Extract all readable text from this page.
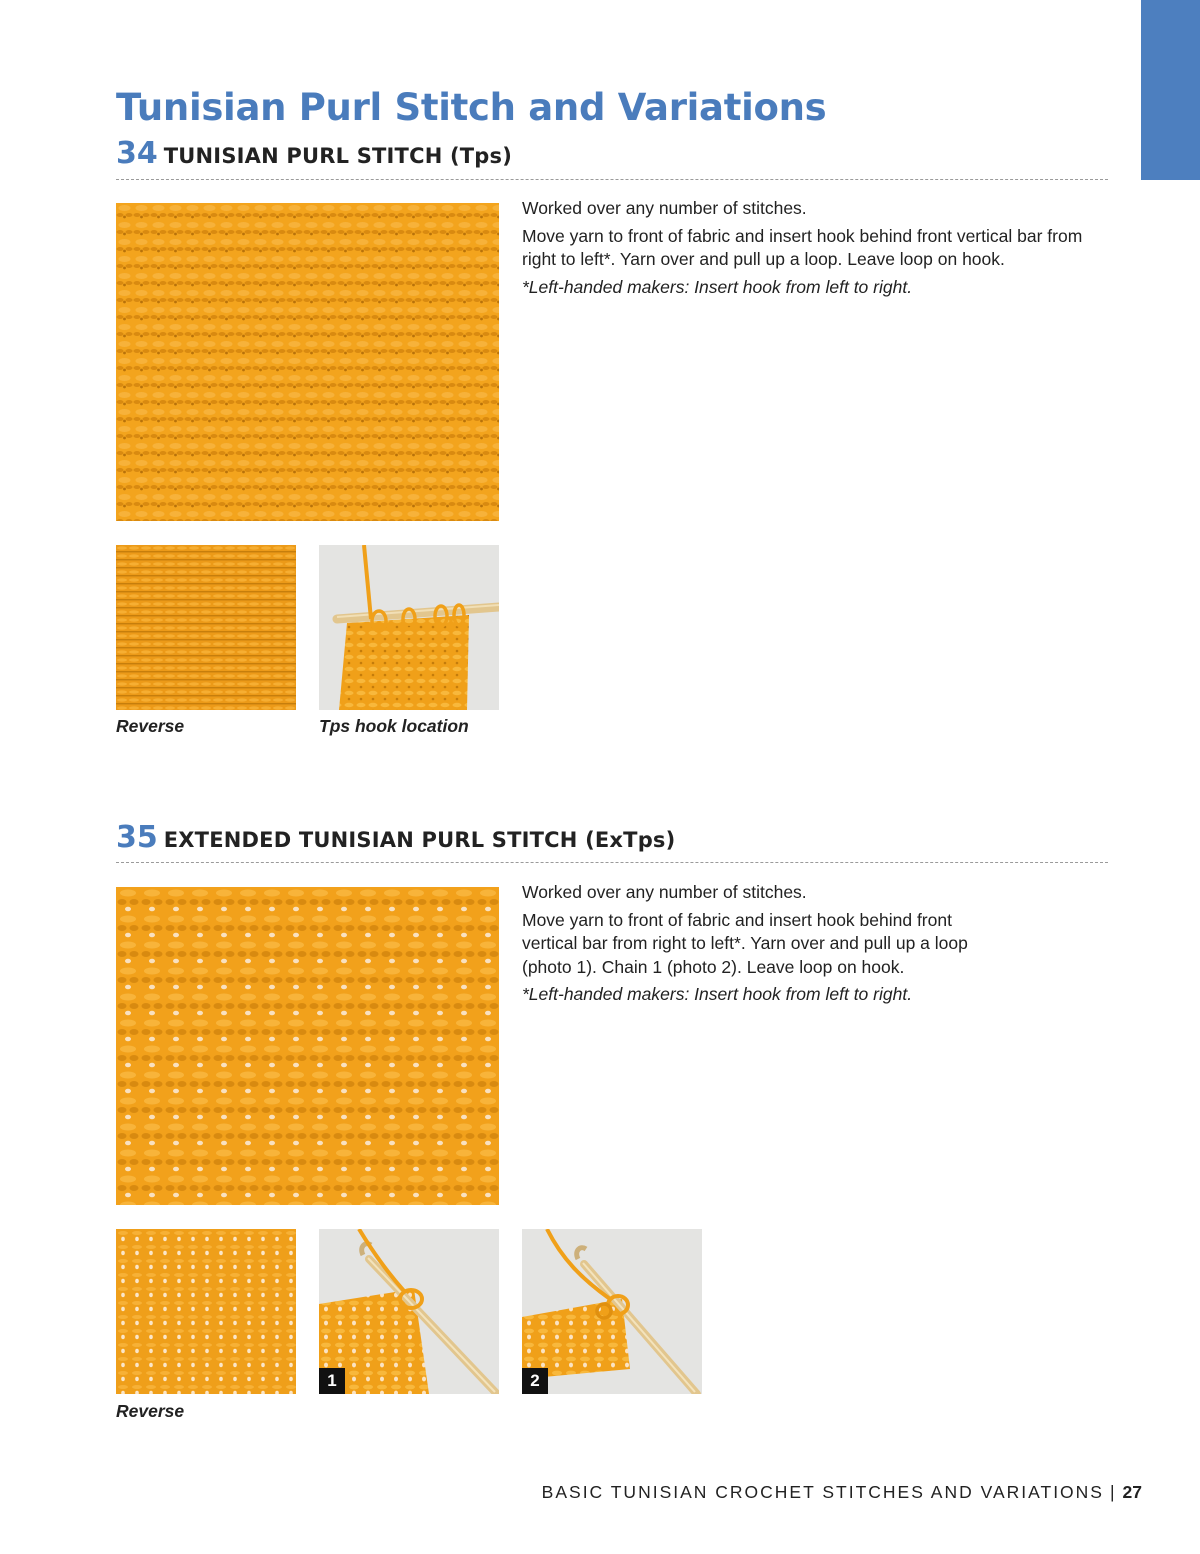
Tunisian Purl Stitch and Variations
34 TUNISIAN PURL STITCH (Tps)

Worked over any number of stitches.

Move yarn to front of fabric and insert hook behind front vertical bar from right to left*. Yarn over and pull up a loop. Leave loop on hook.

*Left-handed makers: Insert hook from left to right.

Reverse	Tps hook location
35 EXTENDED TUNISIAN PURL STITCH (ExTps)

Worked over any number of stitches.

Move yarn to front of fabric and insert hook behind front vertical bar from right to left*. Yarn over and pull up a loop (photo 1). Chain 1 (photo 2). Leave loop on hook.

*Left-handed makers: Insert hook from left to right.

1	2
Reverse
BASIC TUNISIAN CROCHET STITCHES AND VARIATIONS | 27
